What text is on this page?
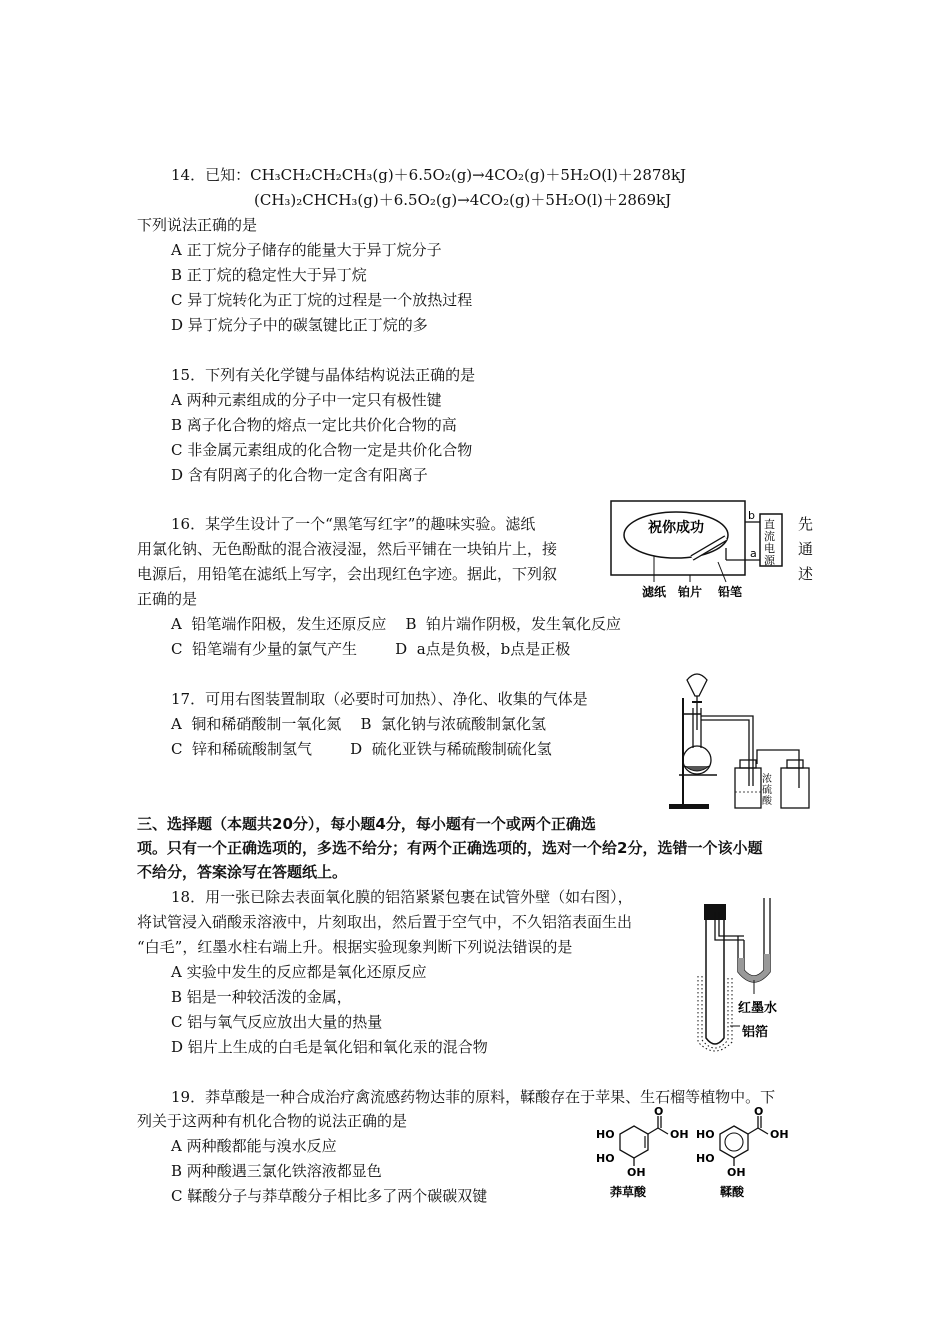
14．已知：CH₃CH₂CH₂CH₃(g)＋6.5O₂(g)→4CO₂(g)＋5H₂O(l)＋2878kJ
(CH₃)₂CHCH₃(g)＋6.5O₂(g)→4CO₂(g)＋5H₂O(l)＋2869kJ
下列说法正确的是
A 正丁烷分子储存的能量大于异丁烷分子
B 正丁烷的稳定性大于异丁烷
C 异丁烷转化为正丁烷的过程是一个放热过程
D 异丁烷分子中的碳氢键比正丁烷的多
15．下列有关化学键与晶体结构说法正确的是
A 两种元素组成的分子中一定只有极性键
B 离子化合物的熔点一定比共价化合物的高
C 非金属元素组成的化合物一定是共价化合物
D 含有阴离子的化合物一定含有阳离子
16．某学生设计了一个“黑笔写红字”的趣味实验。滤纸
用氯化钠、无色酚酞的混合液浸湿，然后平铺在一块铂片上，接
电源后，用铅笔在滤纸上写字，会出现红色字迹。据此，下列叙
正确的是
先
通
述
A  铅笔端作阳极，发生还原反应    B  铂片端作阴极，发生氧化反应
C  铅笔端有少量的氯气产生        D  a点是负极，b点是正极
祝你成功	直
流
电
源
b
a
滤纸 铂片 铅笔
17．可用右图装置制取（必要时可加热）、净化、收集的气体是
A  铜和稀硝酸制一氧化氮    B  氯化钠与浓硫酸制氯化氢
C  锌和稀硫酸制氢气        D  硫化亚铁与稀硫酸制硫化氢
浓
硫
酸
三、选择题（本题共20分），每小题4分，每小题有一个或两个正确选
项。只有一个正确选项的，多选不给分；有两个正确选项的，选对一个给2分，选错一个该小题
不给分，答案涂写在答题纸上。
18．用一张已除去表面氧化膜的铝箔紧紧包裹在试管外壁（如右图），
将试管浸入硝酸汞溶液中，片刻取出，然后置于空气中，不久铝箔表面生出
“白毛”，红墨水柱右端上升。根据实验现象判断下列说法错误的是
A 实验中发生的反应都是氧化还原反应
B 铝是一种较活泼的金属，
C 铝与氧气反应放出大量的热量
D 铝片上生成的白毛是氧化铝和氧化汞的混合物
红墨水
铝箔
19．莽草酸是一种合成治疗禽流感药物达菲的原料，鞣酸存在于苹果、生石榴等植物中。下
列关于这两种有机化合物的说法正确的是
A 两种酸都能与溴水反应
B 两种酸遇三氯化铁溶液都显色
C 鞣酸分子与莽草酸分子相比多了两个碳碳双键
O
OH
HO
HO
OH
莽草酸
O
OH
HO
HO
OH
鞣酸
